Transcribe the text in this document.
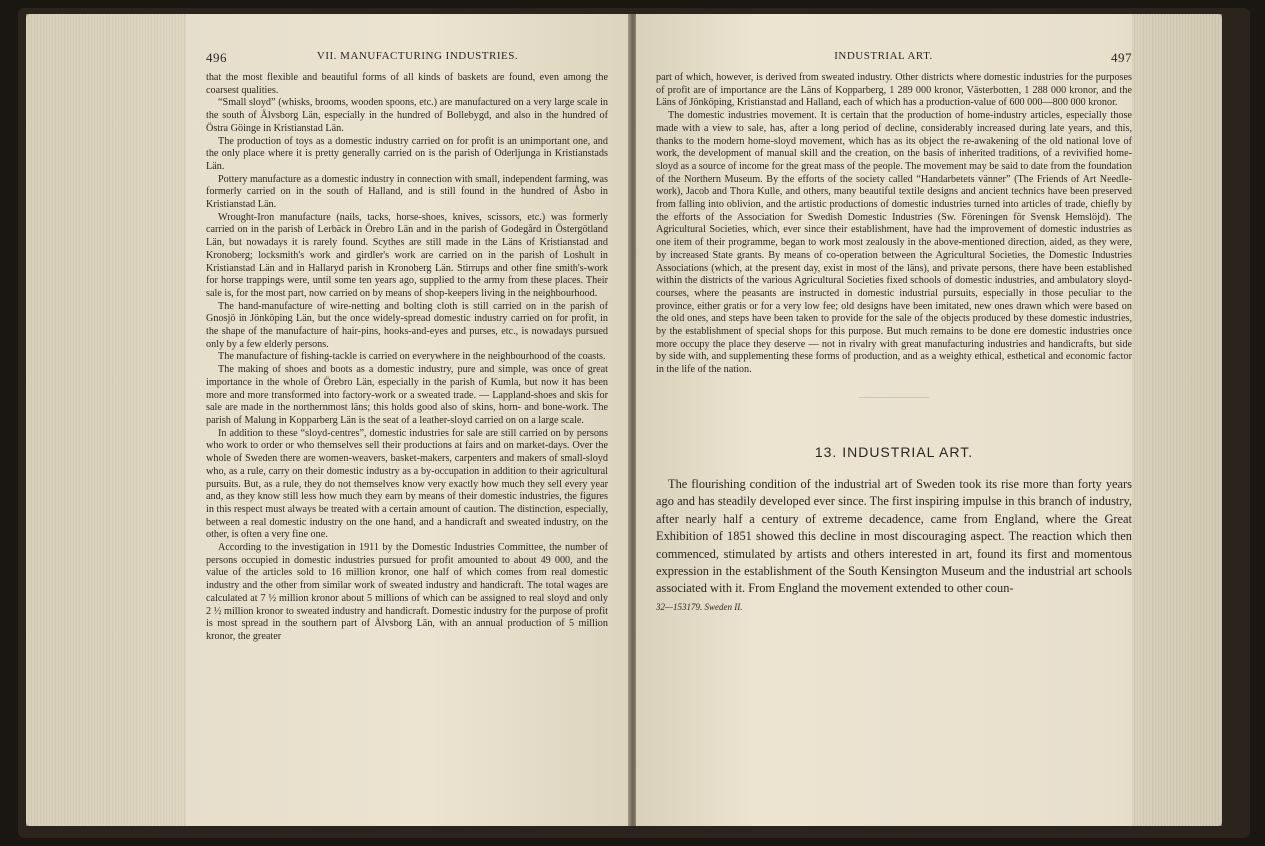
496	VII. MANUFACTURING INDUSTRIES.

that the most flexible and beautiful forms of all kinds of baskets are found, even among the coarsest qualities.

“Small sloyd” (whisks, brooms, wooden spoons, etc.) are manufactured on a very large scale in the south of Älvsborg Län, especially in the hundred of Bollebygd, and also in the hundred of Östra Göinge in Kristianstad Län.

The production of toys as a domestic industry carried on for profit is an unimportant one, and the only place where it is pretty generally carried on is the parish of Oderljunga in Kristianstads Län.

Pottery manufacture as a domestic industry in connection with small, independent farming, was formerly carried on in the south of Halland, and is still found in the hundred of Åsbo in Kristianstad Län.

Wrought-Iron manufacture (nails, tacks, horse-shoes, knives, scissors, etc.) was formerly carried on in the parish of Lerbäck in Örebro Län and in the parish of Godegård in Östergötland Län, but nowadays it is rarely found. Scythes are still made in the Läns of Kristianstad and Kronoberg; locksmith's work and girdler's work are carried on in the parish of Loshult in Kristianstad Län and in Hallaryd parish in Kronoberg Län. Stirrups and other fine smith's-work for horse trappings were, until some ten years ago, supplied to the army from these places. Their sale is, for the most part, now carried on by means of shop-keepers living in the neighbourhood.

The hand-manufacture of wire-netting and bolting cloth is still carried on in the parish of Gnosjö in Jönköping Län, but the once widely-spread domestic industry carried on for profit, in the shape of the manufacture of hair-pins, hooks-and-eyes and purses, etc., is nowadays pursued only by a few elderly persons.

The manufacture of fishing-tackle is carried on everywhere in the neighbourhood of the coasts.

The making of shoes and boots as a domestic industry, pure and simple, was once of great importance in the whole of Örebro Län, especially in the parish of Kumla, but now it has been more and more transformed into factory-work or a sweated trade. — Lappland-shoes and skis for sale are made in the northernmost läns; this holds good also of skins, horn- and bone-work. The parish of Malung in Kopparberg Län is the seat of a leather-sloyd carried on on a large scale.

In addition to these “sloyd-centres”, domestic industries for sale are still carried on by persons who work to order or who themselves sell their productions at fairs and on market-days. Over the whole of Sweden there are women-weavers, basket-makers, carpenters and makers of small-sloyd who, as a rule, carry on their domestic industry as a by-occupation in addition to their agricultural pursuits. But, as a rule, they do not themselves know very exactly how much they sell every year and, as they know still less how much they earn by means of their domestic industries, the figures in this respect must always be treated with a certain amount of caution. The distinction, especially, between a real domestic industry on the one hand, and a handicraft and sweated industry, on the other, is often a very fine one.

According to the investigation in 1911 by the Domestic Industries Committee, the number of persons occupied in domestic industries pursued for profit amounted to about 49 000, and the value of the articles sold to 16 million kronor, one half of which comes from real domestic industry and the other from similar work of sweated industry and handicraft. The total wages are calculated at 7 ½ million kronor about 5 millions of which can be assigned to real sloyd and only 2 ½ million kronor to sweated industry and handicraft. Domestic industry for the purpose of profit is most spread in the southern part of Älvsborg Län, with an annual production of 5 million kronor, the greater

INDUSTRIAL ART.	497

part of which, however, is derived from sweated industry. Other districts where domestic industries for the purposes of profit are of importance are the Läns of Kopparberg, 1 289 000 kronor, Västerbotten, 1 288 000 kronor, and the Läns of Jönköping, Kristianstad and Halland, each of which has a production-value of 600 000—800 000 kronor.

The domestic industries movement. It is certain that the production of home-industry articles, especially those made with a view to sale, has, after a long period of decline, considerably increased during late years, and this, thanks to the modern home-sloyd movement, which has as its object the re-awakening of the old national love of work, the development of manual skill and the creation, on the basis of inherited traditions, of a revivified home-sloyd as a source of income for the great mass of the people. The movement may be said to date from the foundation of the Northern Museum. By the efforts of the society called “Handarbetets vänner” (The Friends of Art Needle-work), Jacob and Thora Kulle, and others, many beautiful textile designs and ancient technics have been preserved from falling into oblivion, and the artistic productions of domestic industries turned into articles of trade, chiefly by the efforts of the Association for Swedish Domestic Industries (Sw. Föreningen för Svensk Hemslöjd). The Agricultural Societies, which, ever since their establishment, have had the improvement of domestic industries as one item of their programme, began to work most zealously in the above-mentioned direction, aided, as they were, by increased State grants. By means of co-operation between the Agricultural Societies, the Domestic Industries Associations (which, at the present day, exist in most of the läns), and private persons, there have been established within the districts of the various Agricultural Societies fixed schools of domestic industries, and ambulatory sloyd-courses, where the peasants are instructed in domestic industrial pursuits, especially in those peculiar to the province, either gratis or for a very low fee; old designs have been imitated, new ones drawn which were based on the old ones, and steps have been taken to provide for the sale of the objects produced by these domestic industries, by the establishment of special shops for this purpose. But much remains to be done ere domestic industries once more occupy the place they deserve — not in rivalry with great manufacturing industries and handicrafts, but side by side with, and supplementing these forms of production, and as a weighty ethical, esthetical and economic factor in the life of the nation.

13. INDUSTRIAL ART.

The flourishing condition of the industrial art of Sweden took its rise more than forty years ago and has steadily developed ever since. The first inspiring impulse in this branch of industry, after nearly half a century of extreme decadence, came from England, where the Great Exhibition of 1851 showed this decline in most discouraging aspect. The reaction which then commenced, stimulated by artists and others interested in art, found its first and momentous expression in the establishment of the South Kensington Museum and the industrial art schools associated with it. From England the movement extended to other coun-

32—153179. Sweden II.
